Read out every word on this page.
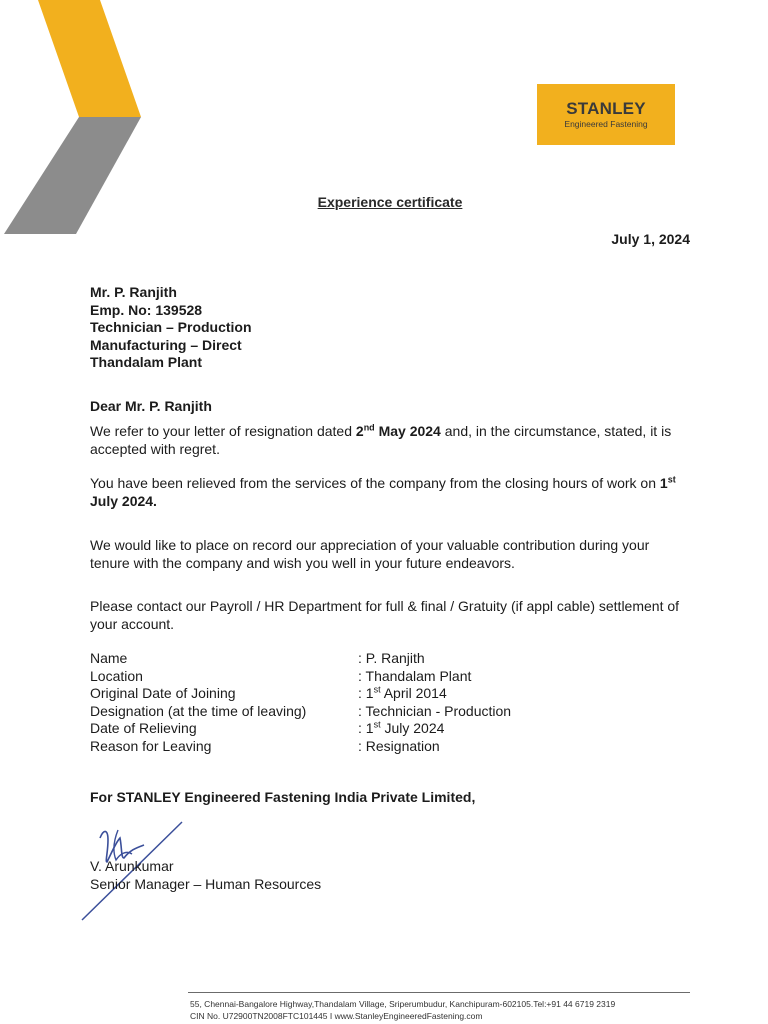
STANLEY
Engineered Fastening
Experience certificate
July 1, 2024
Mr. P. Ranjith
Emp. No: 139528
Technician – Production
Manufacturing – Direct
Thandalam Plant
Dear Mr. P. Ranjith
We refer to your letter of resignation dated 2nd May 2024 and, in the circumstance, stated, it is accepted with regret.
You have been relieved from the services of the company from the closing hours of work on 1st July 2024.
We would like to place on record our appreciation of your valuable contribution during your tenure with the company and wish you well in your future endeavors.
Please contact our Payroll / HR Department for full & final / Gratuity (if appl cable) settlement of your account.
Name	: P. Ranjith
Location	: Thandalam Plant
Original Date of Joining	: 1st April 2014
Designation (at the time of leaving)	: Technician - Production
Date of Relieving	: 1st July 2024
Reason for Leaving	: Resignation
For STANLEY Engineered Fastening India Private Limited,
V. Arunkumar
Senior Manager – Human Resources
55, Chennai-Bangalore Highway,Thandalam Village, Sriperumbudur, Kanchipuram-602105.Tel:+91 44 6719 2319
CIN No. U72900TN2008FTC101445 I www.StanleyEngineeredFastening.com
